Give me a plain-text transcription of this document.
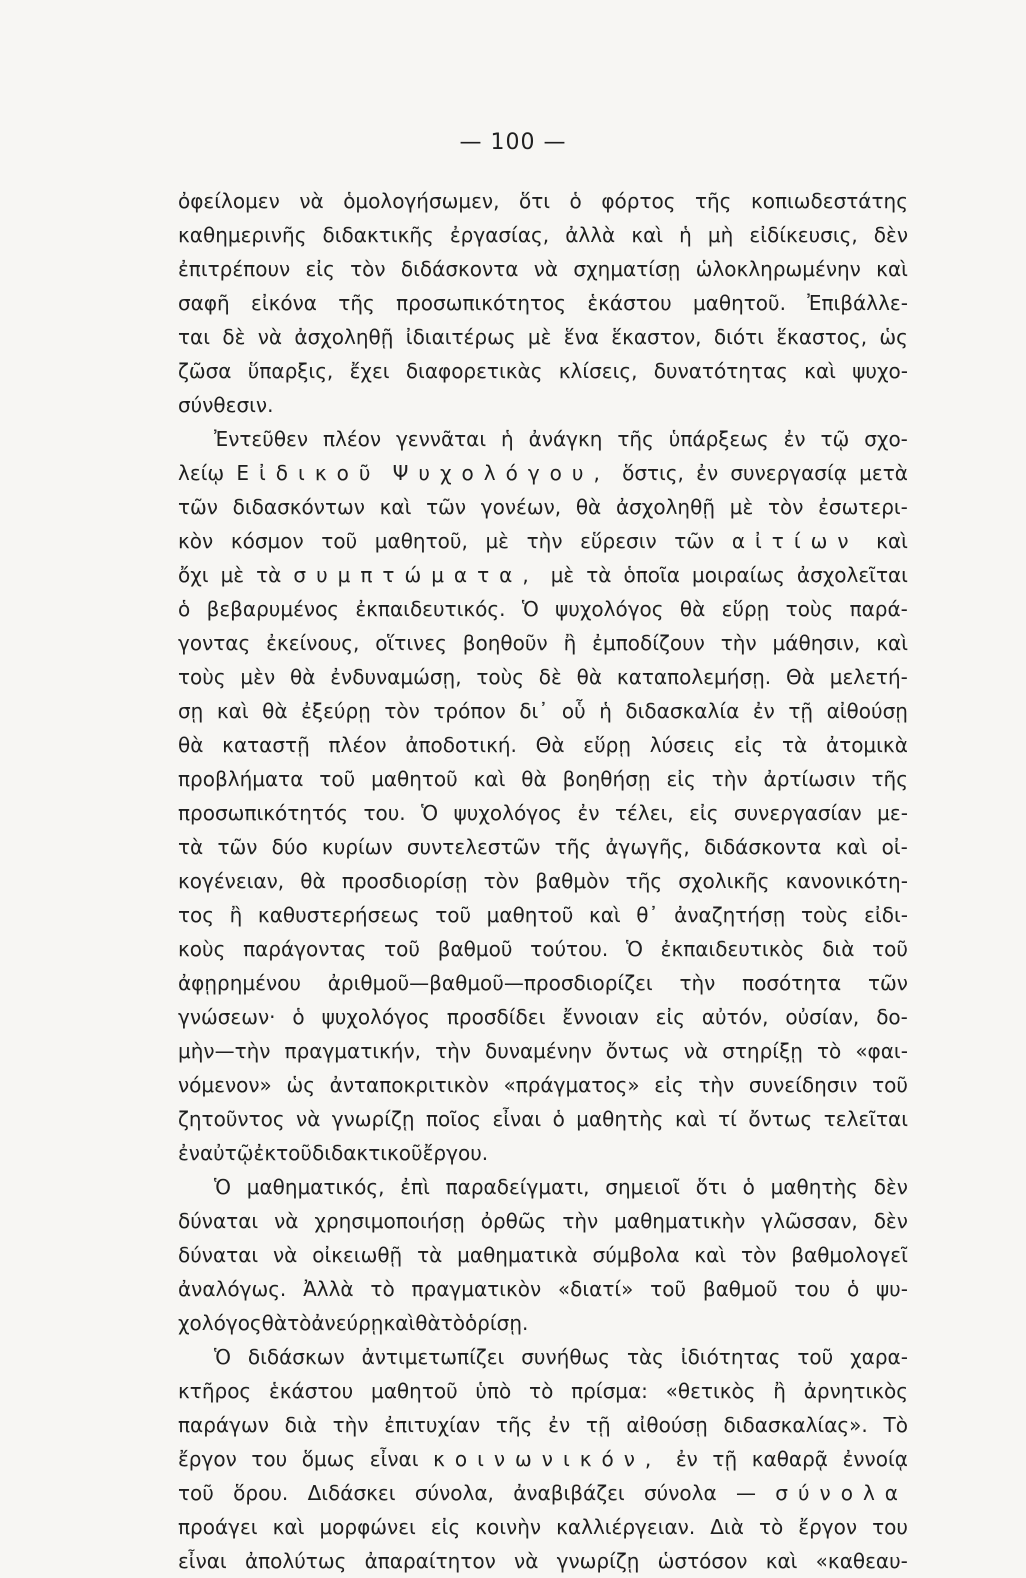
— 100 —
ὀφείλομεν νὰ ὁμολογήσωμεν, ὅτι ὁ φόρτος τῆς κοπιωδεστάτης
καθημερινῆς διδακτικῆς ἐργασίας, ἀλλὰ καὶ ἡ μὴ εἰδίκευσις, δὲν
ἐπιτρέπουν εἰς τὸν διδάσκοντα νὰ σχηματίσῃ ὡλοκληρωμένην καὶ
σαφῆ εἰκόνα τῆς προσωπικότητος ἑκάστου μαθητοῦ. Ἐπιβάλλε-
ται δὲ νὰ ἀσχοληθῇ ἰδιαιτέρως μὲ ἕνα ἕκαστον, διότι ἕκαστος, ὡς
ζῶσα ὕπαρξις, ἔχει διαφορετικὰς κλίσεις, δυνατότητας καὶ ψυχο-
σύνθεσιν.
Ἐντεῦθεν πλέον γεννᾶται ἡ ἀνάγκη τῆς ὑπάρξεως ἐν τῷ σχο-
λείῳ Εἰδικοῦ Ψυχολόγου, ὅστις, ἐν συνεργασίᾳ μετὰ
τῶν διδασκόντων καὶ τῶν γονέων, θὰ ἀσχοληθῇ μὲ τὸν ἐσωτερι-
κὸν κόσμον τοῦ μαθητοῦ, μὲ τὴν εὕρεσιν τῶν αἰτίων καὶ
ὄχι μὲ τὰ συμπτώματα, μὲ τὰ ὁποῖα μοιραίως ἀσχολεῖται
ὁ βεβαρυμένος ἐκπαιδευτικός. Ὁ ψυχολόγος θὰ εὕρῃ τοὺς παρά-
γοντας ἐκείνους, οἵτινες βοηθοῦν ἢ ἐμποδίζουν τὴν μάθησιν, καὶ
τοὺς μὲν θὰ ἐνδυναμώσῃ, τοὺς δὲ θὰ καταπολεμήσῃ. Θὰ μελετή-
σῃ καὶ θὰ ἐξεύρῃ τὸν τρόπον δι᾽ οὗ ἡ διδασκαλία ἐν τῇ αἰθούσῃ
θὰ καταστῇ πλέον ἀποδοτική. Θὰ εὕρῃ λύσεις εἰς τὰ ἀτομικὰ
προβλήματα τοῦ μαθητοῦ καὶ θὰ βοηθήσῃ εἰς τὴν ἀρτίωσιν τῆς
προσωπικότητός του. Ὁ ψυχολόγος ἐν τέλει, εἰς συνεργασίαν με-
τὰ τῶν δύο κυρίων συντελεστῶν τῆς ἀγωγῆς, διδάσκοντα καὶ οἰ-
κογένειαν, θὰ προσδιορίσῃ τὸν βαθμὸν τῆς σχολικῆς κανονικότη-
τος ἢ καθυστερήσεως τοῦ μαθητοῦ καὶ θ᾽ ἀναζητήσῃ τοὺς εἰδι-
κοὺς παράγοντας τοῦ βαθμοῦ τούτου. Ὁ ἐκπαιδευτικὸς διὰ τοῦ
ἀφῃρημένου ἀριθμοῦ—βαθμοῦ—προσδιορίζει τὴν ποσότητα τῶν
γνώσεων· ὁ ψυχολόγος προσδίδει ἔννοιαν εἰς αὐτόν, οὐσίαν, δο-
μὴν—τὴν πραγματικήν, τὴν δυναμένην ὄντως νὰ στηρίξῃ τὸ «φαι-
νόμενον» ὡς ἀνταποκριτικὸν «πράγματος» εἰς τὴν συνείδησιν τοῦ
ζητοῦντος νὰ γνωρίζῃ ποῖος εἶναι ὁ μαθητὴς καὶ τί ὄντως τελεῖται
ἐν αὐτῷ ἐκ τοῦ διδακτικοῦ ἔργου.
Ὁ μαθηματικός, ἐπὶ παραδείγματι, σημειοῖ ὅτι ὁ μαθητὴς δὲν
δύναται νὰ χρησιμοποιήσῃ ὀρθῶς τὴν μαθηματικὴν γλῶσσαν, δὲν
δύναται νὰ οἰκειωθῇ τὰ μαθηματικὰ σύμβολα καὶ τὸν βαθμολογεῖ
ἀναλόγως. Ἀλλὰ τὸ πραγματικὸν «διατί» τοῦ βαθμοῦ του ὁ ψυ-
χολόγος θὰ τὸ ἀνεύρῃ καὶ θὰ τὸ ὁρίσῃ.
Ὁ διδάσκων ἀντιμετωπίζει συνήθως τὰς ἰδιότητας τοῦ χαρα-
κτῆρος ἑκάστου μαθητοῦ ὑπὸ τὸ πρίσμα: «θετικὸς ἢ ἀρνητικὸς
παράγων διὰ τὴν ἐπιτυχίαν τῆς ἐν τῇ αἰθούσῃ διδασκαλίας». Τὸ
ἔργον του ὅμως εἶναι κοινωνικόν, ἐν τῇ καθαρᾷ ἐννοίᾳ
τοῦ ὅρου. Διδάσκει σύνολα, ἀναβιβάζει σύνολα — σύνολα
προάγει καὶ μορφώνει εἰς κοινὴν καλλιέργειαν. Διὰ τὸ ἔργον του
εἶναι ἀπολύτως ἀπαραίτητον νὰ γνωρίζῃ ὡστόσον καὶ «καθεαυ-
